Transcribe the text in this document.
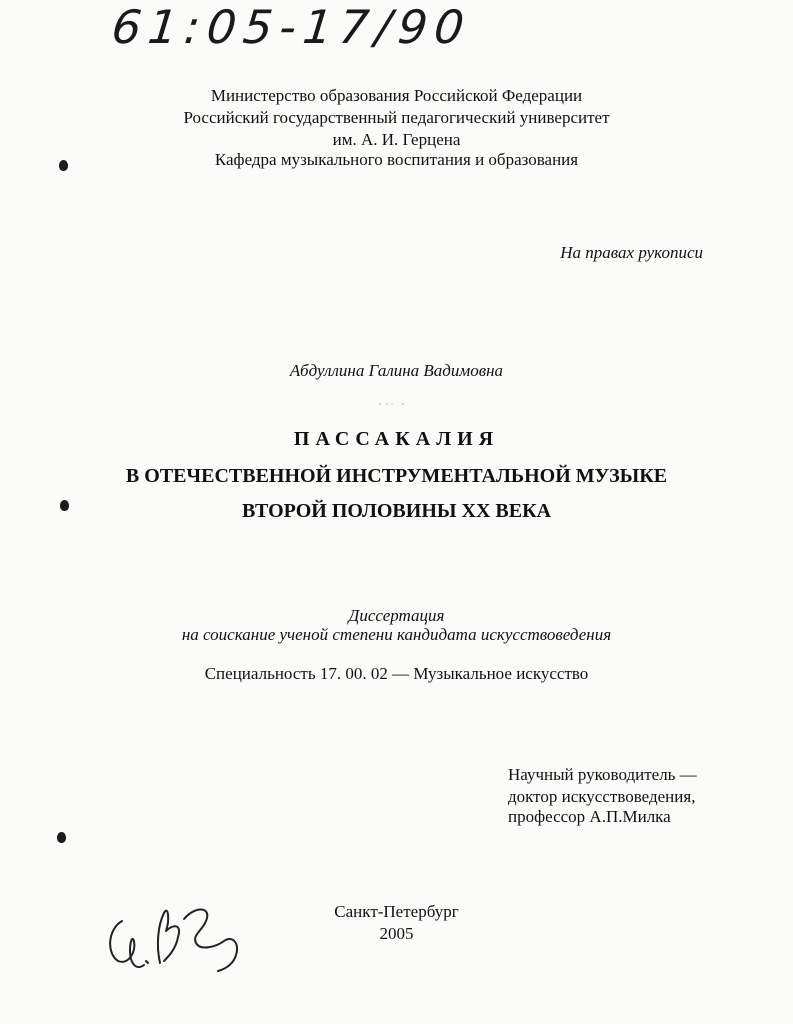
61:05-17/90
Министерство образования Российской Федерации
Российский государственный педагогический университет
им. А. И. Герцена
Кафедра музыкального воспитания и образования
На правах рукописи
Абдуллина Галина Вадимовна
ПАССАКАЛИЯ
В ОТЕЧЕСТВЕННОЙ ИНСТРУМЕНТАЛЬНОЙ МУЗЫКЕ
ВТОРОЙ ПОЛОВИНЫ XX ВЕКА
Диссертация
на соискание ученой степени кандидата искусствоведения
Специальность 17. 00. 02 — Музыкальное искусство
Научный руководитель —
доктор искусствоведения,
профессор А.П.Милка
Санкт-Петербург
2005
